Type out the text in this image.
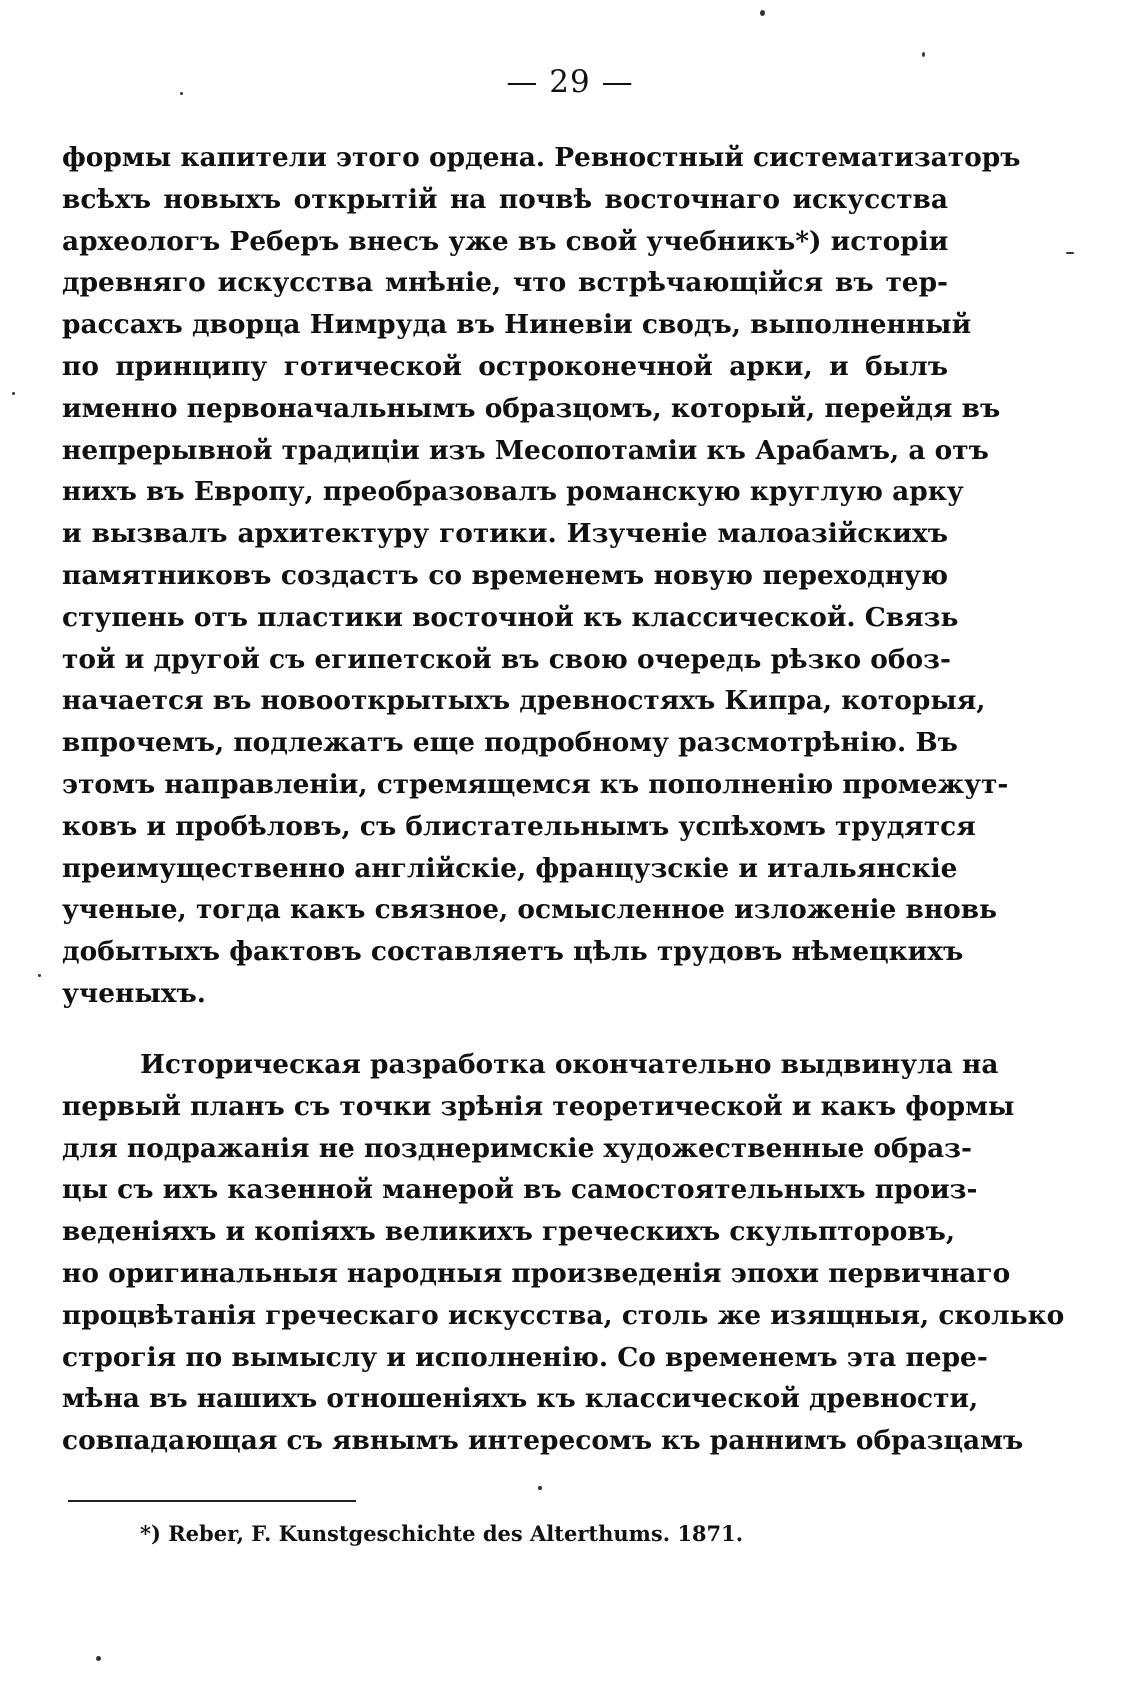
— 29 —
формы капители этого ордена. Ревностный систематизаторъ
всѣхъ новыхъ открытій на почвѣ восточнаго искусства
археологъ Реберъ внесъ уже въ свой учебникъ*) исторіи
древняго искусства мнѣніе, что встрѣчающійся въ тер-
рассахъ дворца Нимруда въ Ниневіи сводъ, выполненный
по принципу готической остроконечной арки, и былъ
именно первоначальнымъ образцомъ, который, перейдя въ
непрерывной традиціи изъ Месопотаміи къ Арабамъ, а отъ
нихъ въ Европу, преобразовалъ романскую круглую арку
и вызвалъ архитектуру готики. Изученіе малоазійскихъ
памятниковъ создастъ со временемъ новую переходную
ступень отъ пластики восточной къ классической. Связь
той и другой съ египетской въ свою очередь рѣзко обоз-
начается въ новооткрытыхъ древностяхъ Кипра, которыя,
впрочемъ, подлежатъ еще подробному разсмотрѣнію. Въ
этомъ направленіи, стремящемся къ пополненію промежут-
ковъ и пробѣловъ, съ блистательнымъ успѣхомъ трудятся
преимущественно англійскіе, французскіе и итальянскіе
ученые, тогда какъ связное, осмысленное изложеніе вновь
добытыхъ фактовъ составляетъ цѣль трудовъ нѣмецкихъ
ученыхъ.
Историческая разработка окончательно выдвинула на
первый планъ съ точки зрѣнія теоретической и какъ формы
для подражанія не позднеримскіе художественные образ-
цы съ ихъ казенной манерой въ самостоятельныхъ произ-
веденіяхъ и копіяхъ великихъ греческихъ скульпторовъ,
но оригинальныя народныя произведенія эпохи первичнаго
процвѣтанія греческаго искусства, столь же изящныя, сколько
строгія по вымыслу и исполненію. Со временемъ эта пере-
мѣна въ нашихъ отношеніяхъ къ классической древности,
совпадающая съ явнымъ интересомъ къ раннимъ образцамъ
*) Reber, F. Kunstgeschichte des Alterthums. 1871.
